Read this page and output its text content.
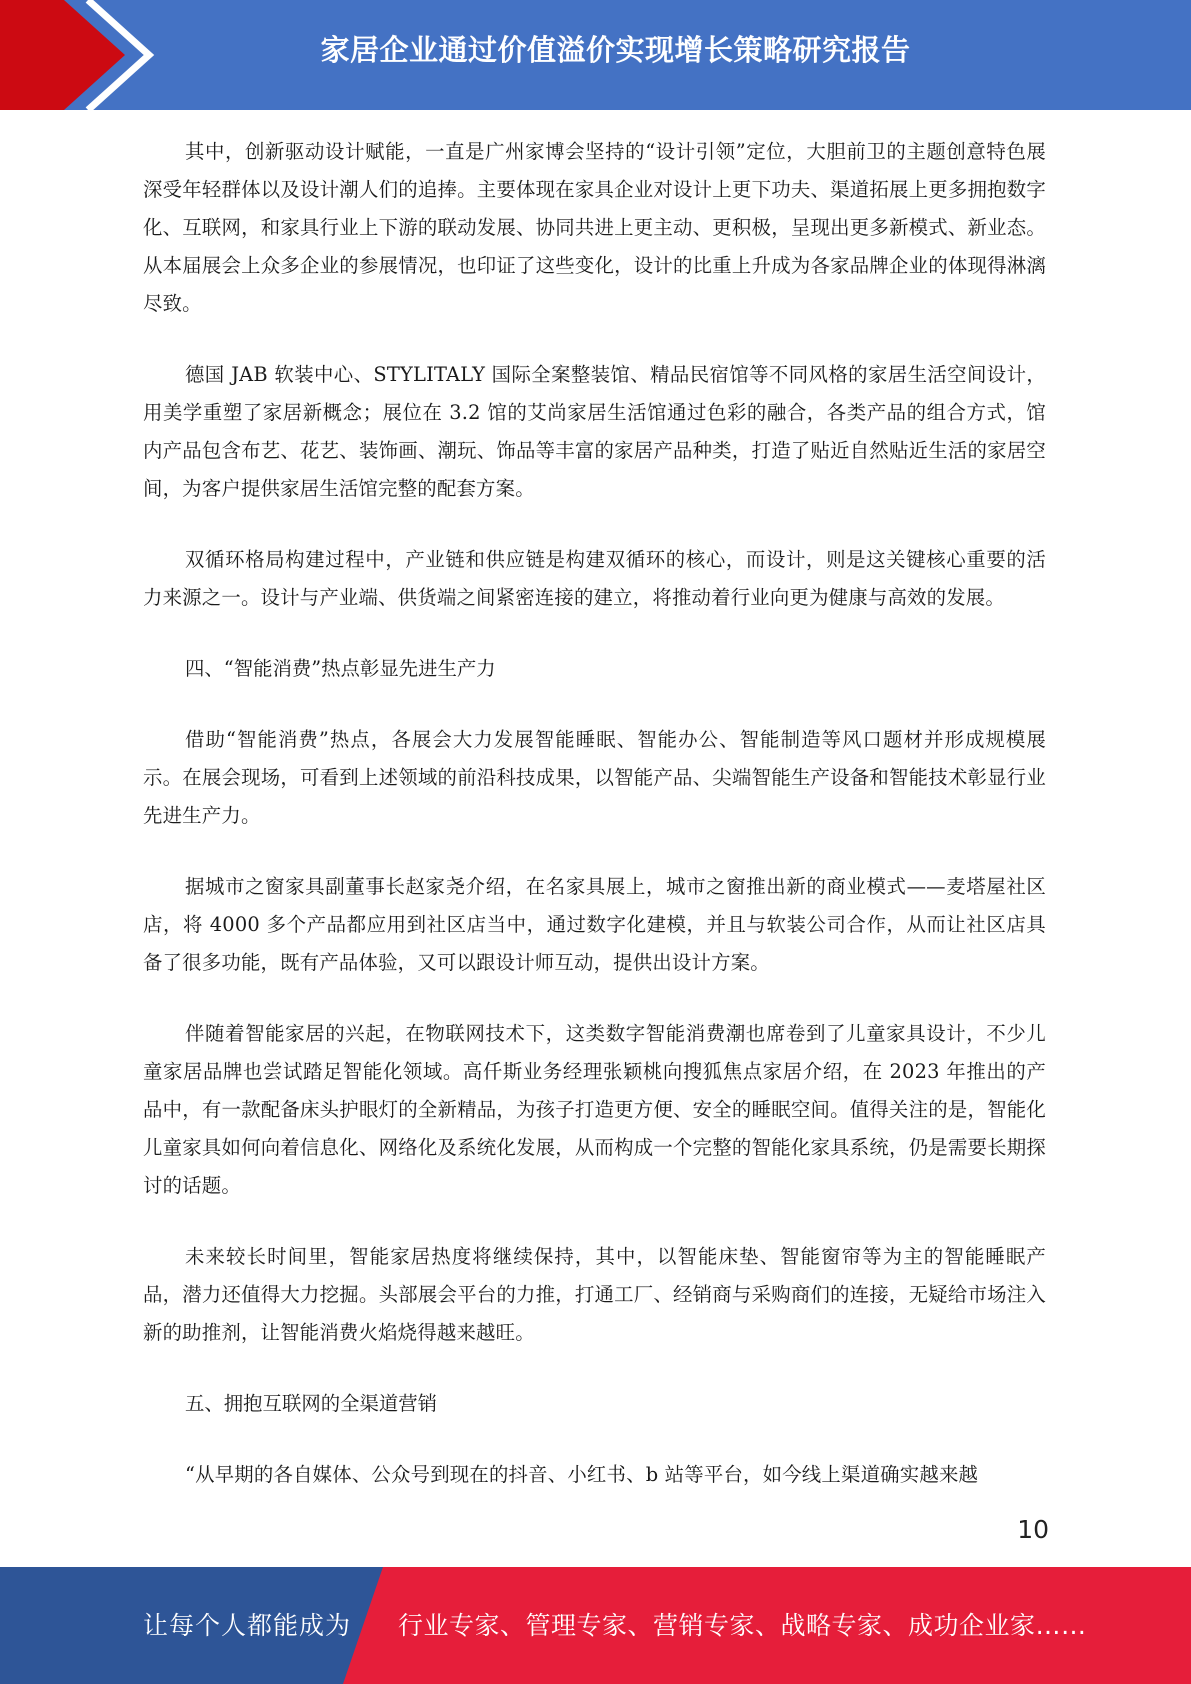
家居企业通过价值溢价实现增长策略研究报告

其中，创新驱动设计赋能，一直是广州家博会坚持的“设计引领”定位，大胆前卫的主题创意特色展深受年轻群体以及设计潮人们的追捧。主要体现在家具企业对设计上更下功夫、渠道拓展上更多拥抱数字化、互联网，和家具行业上下游的联动发展、协同共进上更主动、更积极，呈现出更多新模式、新业态。从本届展会上众多企业的参展情况，也印证了这些变化，设计的比重上升成为各家品牌企业的体现得淋漓尽致。

德国 JAB 软装中心、STYLITALY 国际全案整装馆、精品民宿馆等不同风格的家居生活空间设计，用美学重塑了家居新概念；展位在 3.2 馆的艾尚家居生活馆通过色彩的融合，各类产品的组合方式，馆内产品包含布艺、花艺、装饰画、潮玩、饰品等丰富的家居产品种类，打造了贴近自然贴近生活的家居空间，为客户提供家居生活馆完整的配套方案。

双循环格局构建过程中，产业链和供应链是构建双循环的核心，而设计，则是这关键核心重要的活力来源之一。设计与产业端、供货端之间紧密连接的建立，将推动着行业向更为健康与高效的发展。

四、“智能消费”热点彰显先进生产力

借助“智能消费”热点，各展会大力发展智能睡眠、智能办公、智能制造等风口题材并形成规模展示。在展会现场，可看到上述领域的前沿科技成果，以智能产品、尖端智能生产设备和智能技术彰显行业先进生产力。

据城市之窗家具副董事长赵家尧介绍，在名家具展上，城市之窗推出新的商业模式——麦塔屋社区店，将 4000 多个产品都应用到社区店当中，通过数字化建模，并且与软装公司合作，从而让社区店具备了很多功能，既有产品体验，又可以跟设计师互动，提供出设计方案。

伴随着智能家居的兴起，在物联网技术下，这类数字智能消费潮也席卷到了儿童家具设计，不少儿童家居品牌也尝试踏足智能化领域。高仟斯业务经理张颖桃向搜狐焦点家居介绍，在 2023 年推出的产品中，有一款配备床头护眼灯的全新精品，为孩子打造更方便、安全的睡眠空间。值得关注的是，智能化儿童家具如何向着信息化、网络化及系统化发展，从而构成一个完整的智能化家具系统，仍是需要长期探讨的话题。

未来较长时间里，智能家居热度将继续保持，其中，以智能床垫、智能窗帘等为主的智能睡眠产品，潜力还值得大力挖掘。头部展会平台的力推，打通工厂、经销商与采购商们的连接，无疑给市场注入新的助推剂，让智能消费火焰烧得越来越旺。

五、拥抱互联网的全渠道营销

“从早期的各自媒体、公众号到现在的抖音、小红书、b 站等平台，如今线上渠道确实越来越

10
让每个人都能成为 行业专家、管理专家、营销专家、战略专家、成功企业家……
